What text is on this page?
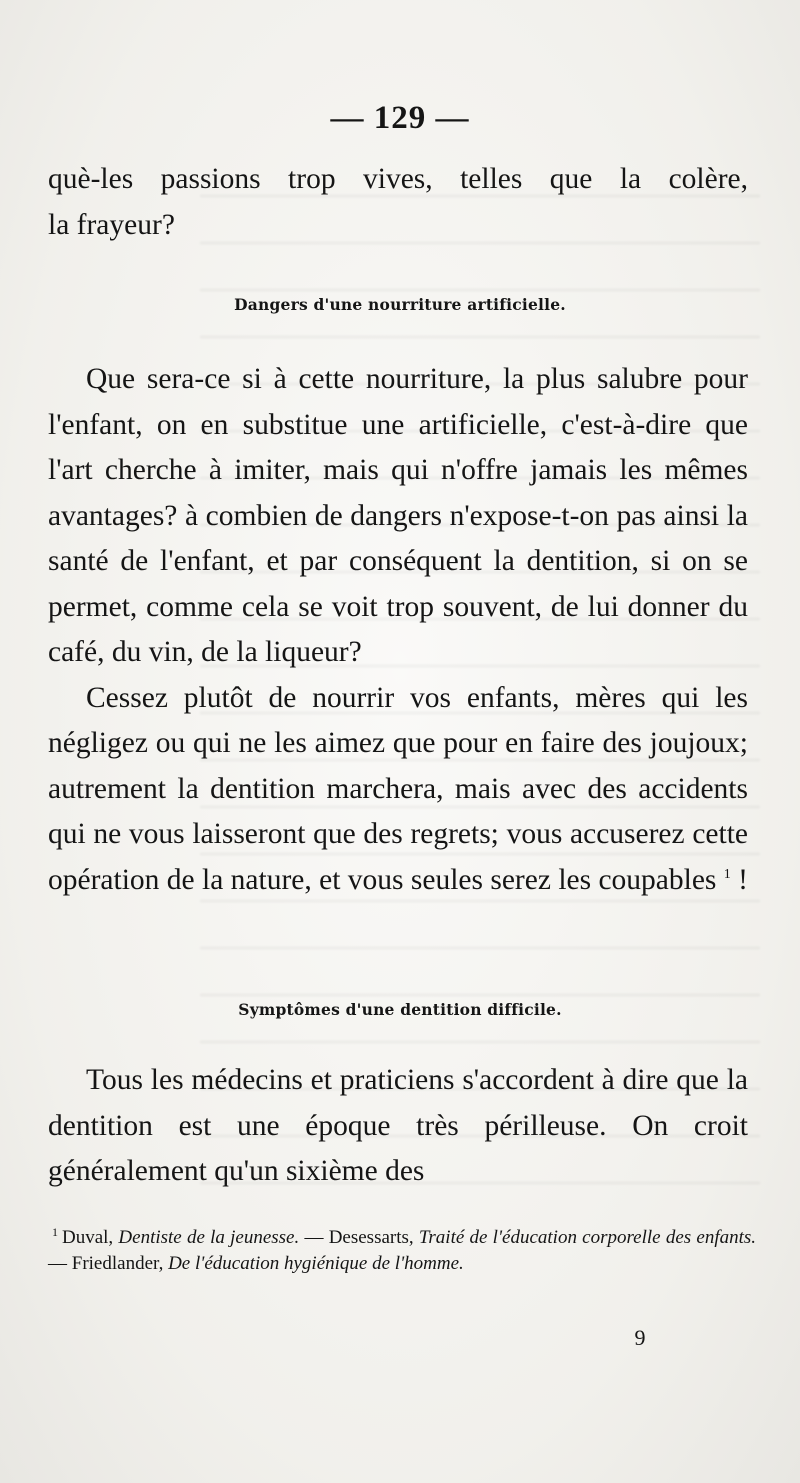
— 129 —

què-les passions trop vives, telles que la colère,

la frayeur?

Dangers d'une nourriture artificielle.

Que sera-ce si à cette nourriture, la plus salubre pour l'enfant, on en substitue une artificielle, c'est-à-dire que l'art cherche à imiter, mais qui n'offre jamais les mêmes avantages? à combien de dangers n'expose-t-on pas ainsi la santé de l'enfant, et par conséquent la dentition, si on se permet, comme cela se voit trop souvent, de lui donner du café, du vin, de la liqueur?

Cessez plutôt de nourrir vos enfants, mères qui les négligez ou qui ne les aimez que pour en faire des joujoux; autrement la dentition marchera, mais avec des accidents qui ne vous laisseront que des regrets; vous accuserez cette opération de la nature, et vous seules serez les coupables $^1$ !

Symptômes d'une dentition difficile.

Tous les médecins et praticiens s'accordent à dire que la dentition est une époque très périlleuse. On croit généralement qu'un sixième des

$^1$ Duval, Dentiste de la jeunesse. — Desessarts, Traité de l'éducation corporelle des enfants. — Friedlander, De l'éducation hygiénique de l'homme.
9
